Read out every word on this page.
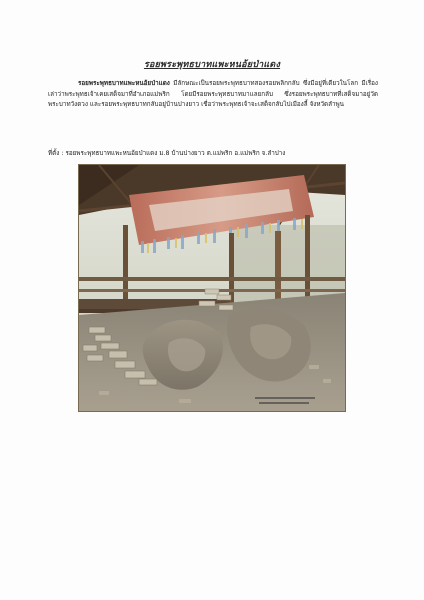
รอยพระพุทธบาทแพะหนอ้ยป่าแดง
รอยพระพุทธบาทแพะหนอ้ยป่าแดง มีลักษณะเป็นรอยพระพุทธบาทสองรอยพลิกกลับ ซึ่งมีอยู่ที่เดียวในโลก มีเรื่องเล่าว่าพระพุทธเจ้าเคยเสด็จมาที่อำเภอแม่พริก โดยมีรอยพระพุทธบาทมาแลยกลับ ซึ่งรอยพระพุทธบาทที่เสด็จมาอยู่วัดพระบาทวังดวง และรอยพระพุทธบาทกลับอยู่บ้านปางยาว เชื่อว่าพระพุทธเจ้าจะเสด็จกลับไปเมืองลี้ จังหวัดลำพูน
ที่ตั้ง : รอยพระพุทธบาทแพะหนอ้ยป่าแดง ม.8 บ้านปางยาว ต.แม่พริก อ.แม่พริก จ.ลำปาง
